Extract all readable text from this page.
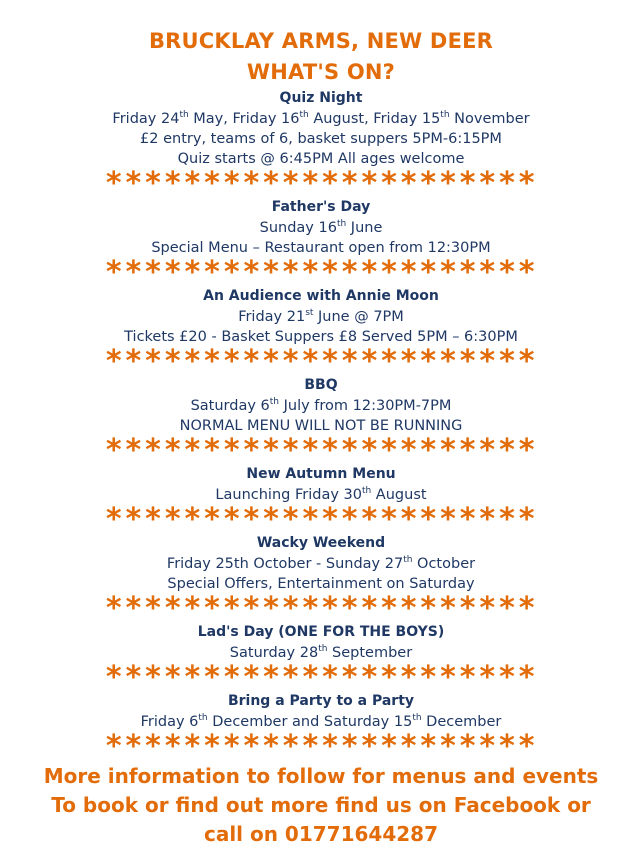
BRUCKLAY ARMS, NEW DEER
WHAT'S ON?
Quiz Night
Friday 24th May, Friday 16th August, Friday 15th November
£2 entry, teams of 6, basket suppers 5PM-6:15PM
Quiz starts @ 6:45PM All ages welcome
**********************
Father's Day
Sunday 16th June
Special Menu – Restaurant open from 12:30PM
**********************
An Audience with Annie Moon
Friday 21st June @ 7PM
Tickets £20 - Basket Suppers £8 Served 5PM – 6:30PM
**********************
BBQ
Saturday 6th July from 12:30PM-7PM
NORMAL MENU WILL NOT BE RUNNING
**********************
New Autumn Menu
Launching Friday 30th August
**********************
Wacky Weekend
Friday 25th October - Sunday 27th October
Special Offers, Entertainment on Saturday
**********************
Lad's Day (ONE FOR THE BOYS)
Saturday 28th September
**********************
Bring a Party to a Party
Friday 6th December and Saturday 15th December
**********************
More information to follow for menus and events
To book or find out more find us on Facebook or
call on 01771644287
